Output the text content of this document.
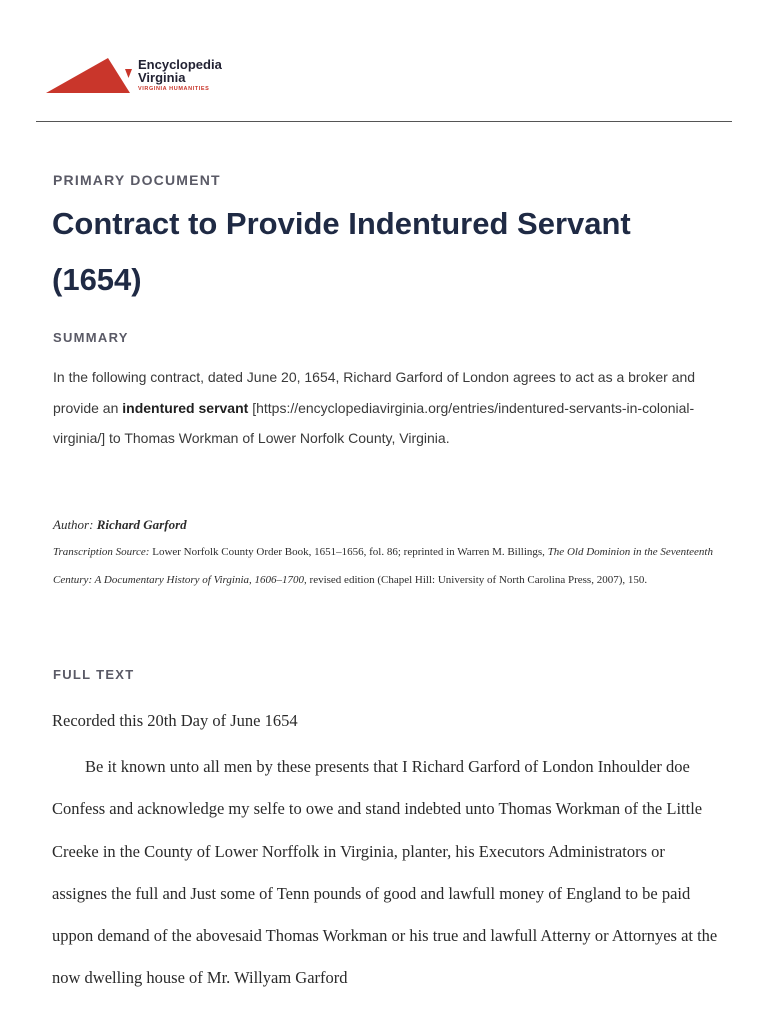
Encyclopedia
Virginia
VIRGINIA HUMANITIES
PRIMARY DOCUMENT
Contract to Provide Indentured Servant (1654)
SUMMARY

In the following contract, dated June 20, 1654, Richard Garford of London agrees to act as a broker and provide an indentured servant [https://encyclopediavirginia.org/entries/indentured-servants-in-colonial-virginia/] to Thomas Workman of Lower Norfolk County, Virginia.

Author: Richard Garford
Transcription Source: Lower Norfolk County Order Book, 1651–1656, fol. 86; reprinted in Warren M. Billings, The Old Dominion in the Seventeenth Century: A Documentary History of Virginia, 1606–1700, revised edition (Chapel Hill: University of North Carolina Press, 2007), 150.
FULL TEXT

Recorded this 20th Day of June 1654

Be it known unto all men by these presents that I Richard Garford of London Inhoulder doe Confess and acknowledge my selfe to owe and stand indebted unto Thomas Workman of the Little Creeke in the County of Lower Norffolk in Virginia, planter, his Executors Administrators or assignes the full and Just some of Tenn pounds of good and lawfull money of England to be paid uppon demand of the abovesaid Thomas Workman or his true and lawfull Atterny or Attornyes at the now dwelling house of Mr. Willyam Garford
